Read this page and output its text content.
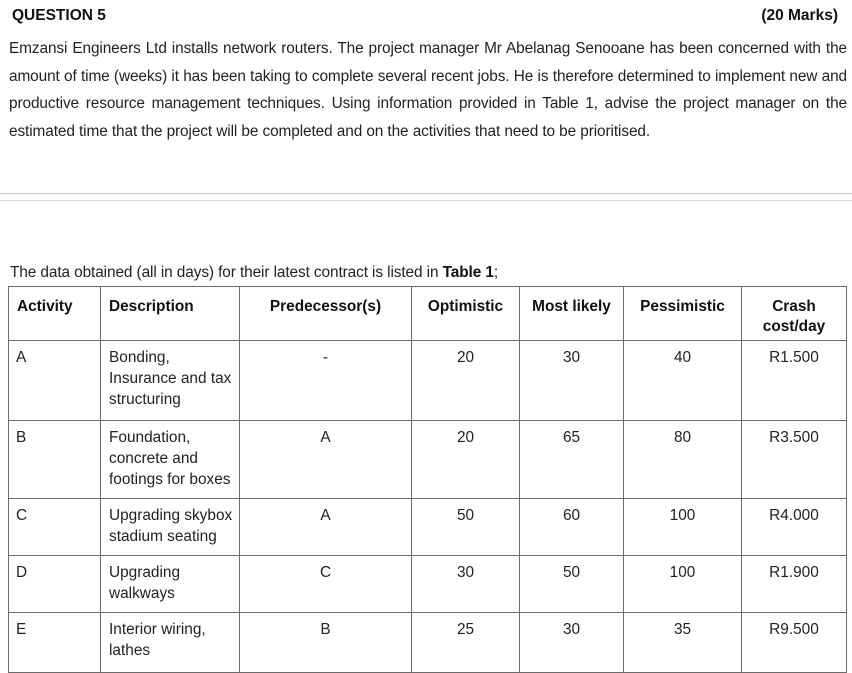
QUESTION 5	(20 Marks)
Emzansi Engineers Ltd installs network routers. The project manager Mr Abelanag Senooane has been concerned with the amount of time (weeks) it has been taking to complete several recent jobs. He is therefore determined to implement new and productive resource management techniques. Using information provided in Table 1, advise the project manager on the estimated time that the project will be completed and on the activities that need to be prioritised.
The data obtained (all in days) for their latest contract is listed in Table 1;
Activity	Description	Predecessor(s)	Optimistic	Most likely	Pessimistic	Crash cost/day
A	Bonding, Insurance and tax structuring	-	20	30	40	R1.500
B	Foundation, concrete and footings for boxes	A	20	65	80	R3.500
C	Upgrading skybox stadium seating	A	50	60	100	R4.000
D	Upgrading walkways	C	30	50	100	R1.900
E	Interior wiring, lathes	B	25	30	35	R9.500
